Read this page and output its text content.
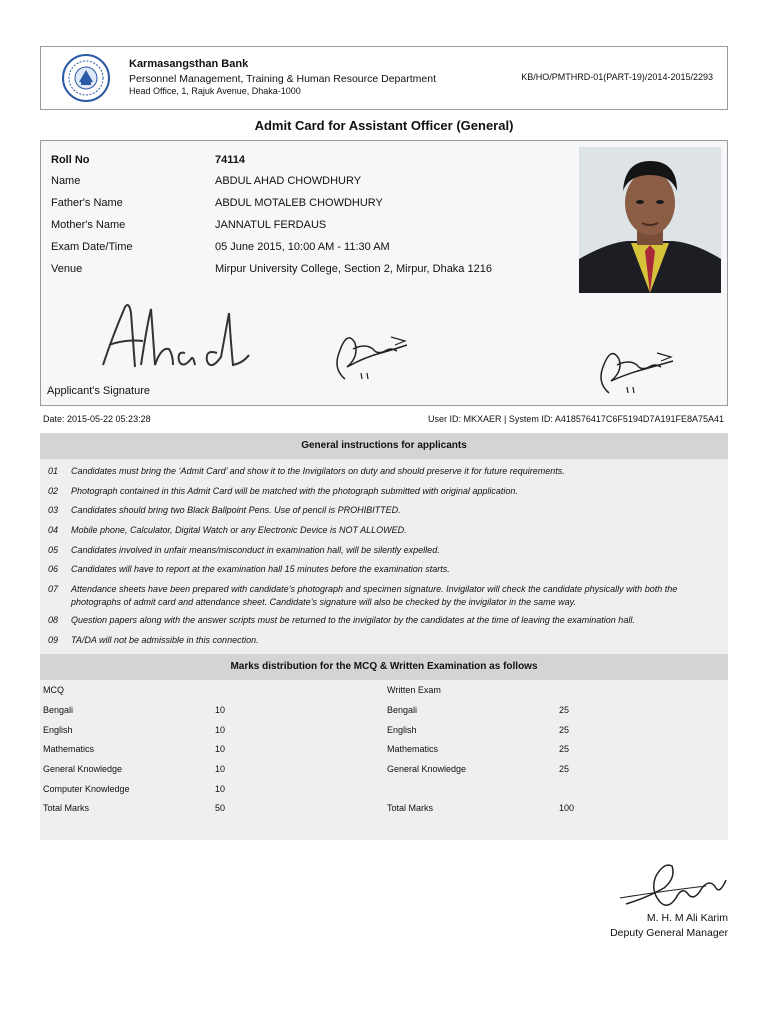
Karmasangsthan Bank
Personnel Management, Training & Human Resource Department
Head Office, 1, Rajuk Avenue, Dhaka-1000
KB/HO/PMTHRD-01(PART-19)/2014-2015/2293
Admit Card for Assistant Officer (General)
Roll No	74114
Name	ABDUL AHAD CHOWDHURY
Father's Name	ABDUL MOTALEB CHOWDHURY
Mother's Name	JANNATUL FERDAUS
Exam Date/Time	05 June 2015, 10:00 AM - 11:30 AM
Venue	Mirpur University College, Section 2, Mirpur, Dhaka 1216
Applicant's Signature
Date: 2015-05-22 05:23:28	User ID: MKXAER | System ID: A418576417C6F5194D7A191FE8A75A41
General instructions for applicants
01 Candidates must bring the ‘Admit Card’ and show it to the Invigilators on duty and should preserve it for future requirements.
02 Photograph contained in this Admit Card will be matched with the photograph submitted with original application.
03 Candidates should bring two Black Ballpoint Pens. Use of pencil is PROHIBITTED.
04 Mobile phone, Calculator, Digital Watch or any Electronic Device is NOT ALLOWED.
05 Candidates involved in unfair means/misconduct in examination hall, will be silently expelled.
06 Candidates will have to report at the examination hall 15 minutes before the examination starts.
07 Attendance sheets have been prepared with candidate’s photograph and specimen signature. Invigilator will check the candidate physically with both the photographs of admit card and attendance sheet. Candidate’s signature will also be checked by the invigilator in the same way.
08 Question papers along with the answer scripts must be returned to the invigilator by the candidates at the time of leaving the examination hall.
09 TA/DA will not be admissible in this connection.
Marks distribution for the MCQ & Written Examination as follows
MCQ	Written Exam
Bengali	10	Bengali	25
English	10	English	25
Mathematics	10	Mathematics	25
General Knowledge	10	General Knowledge	25
Computer Knowledge	10
Total Marks	50	Total Marks	100
M. H. M Ali Karim
Deputy General Manager
